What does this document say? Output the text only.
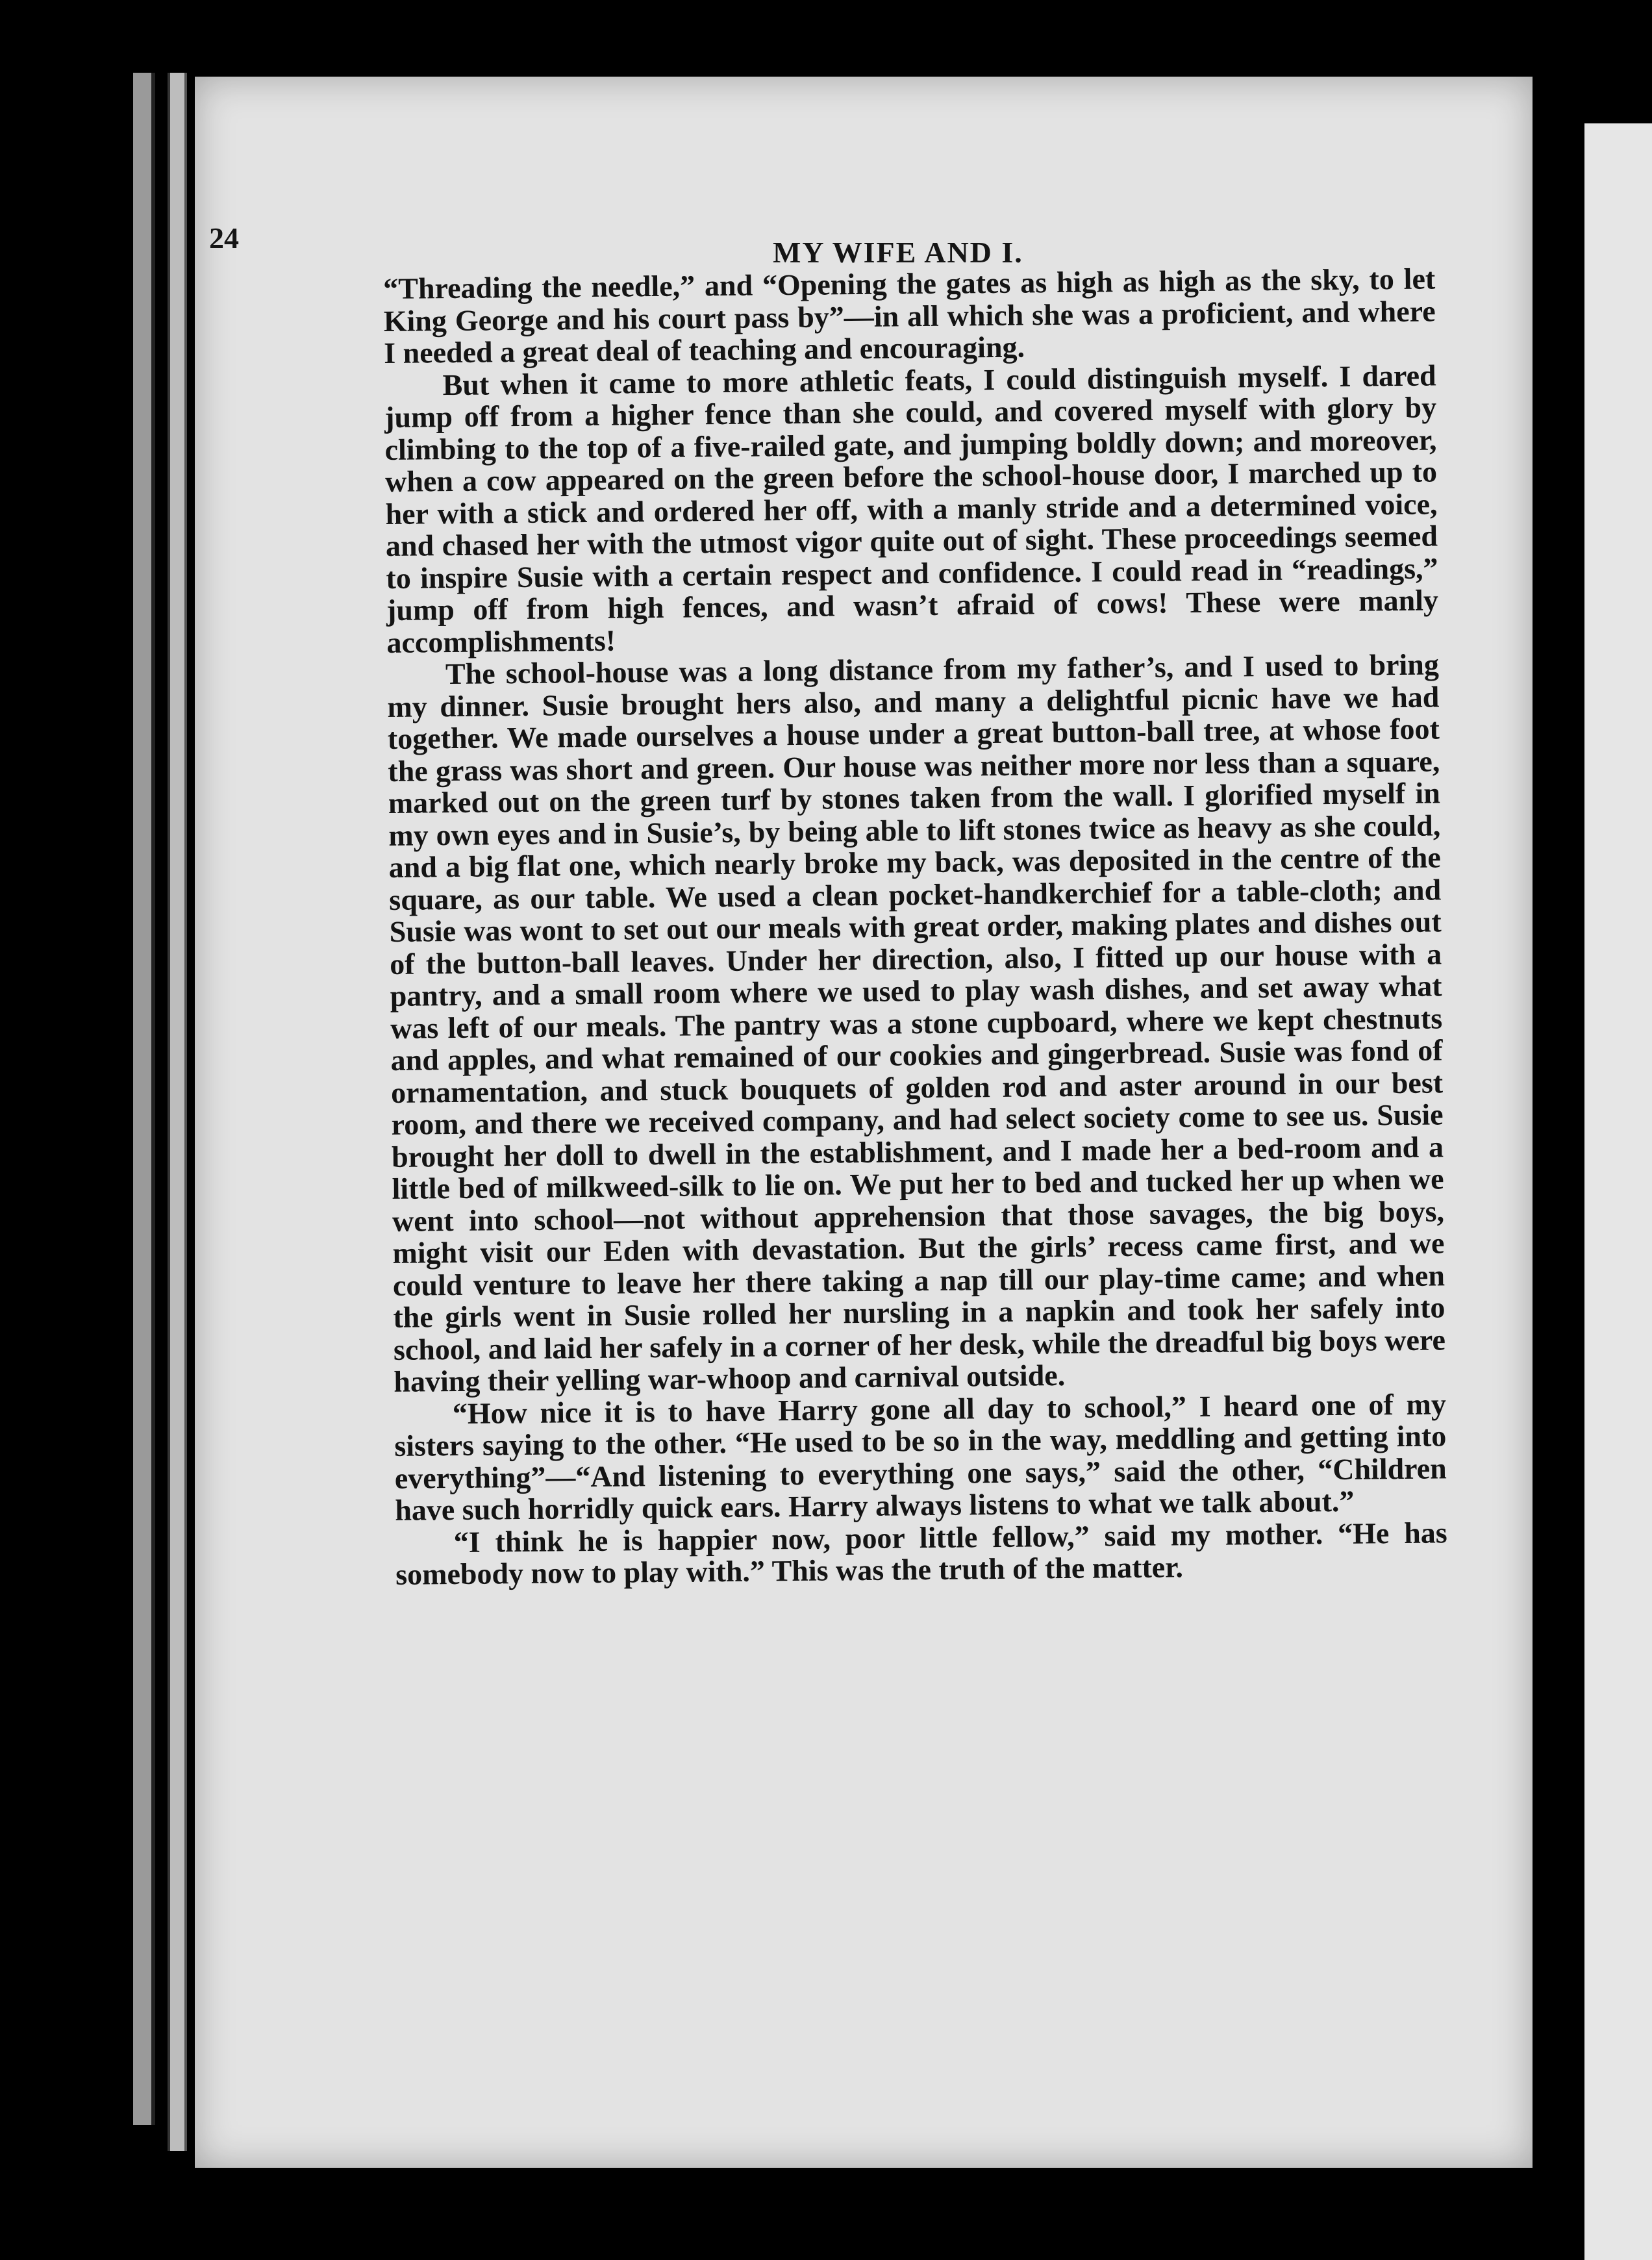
24	MY WIFE AND I.

“Threading the needle,” and “Opening the gates as high as high as the sky, to let King George and his court pass by”—in all which she was a proficient, and where I needed a great deal of teaching and encouraging.

But when it came to more athletic feats, I could distinguish myself. I dared jump off from a higher fence than she could, and covered myself with glory by climbing to the top of a five-railed gate, and jumping boldly down; and moreover, when a cow appeared on the green before the school-house door, I marched up to her with a stick and ordered her off, with a manly stride and a determined voice, and chased her with the utmost vigor quite out of sight. These proceedings seemed to inspire Susie with a certain respect and confidence. I could read in “readings,” jump off from high fences, and wasn’t afraid of cows! These were manly accomplishments!

The school-house was a long distance from my father’s, and I used to bring my dinner. Susie brought hers also, and many a delightful picnic have we had together. We made ourselves a house under a great button-ball tree, at whose foot the grass was short and green. Our house was neither more nor less than a square, marked out on the green turf by stones taken from the wall. I glorified myself in my own eyes and in Susie’s, by being able to lift stones twice as heavy as she could, and a big flat one, which nearly broke my back, was deposited in the centre of the square, as our table. We used a clean pocket-handkerchief for a table-cloth; and Susie was wont to set out our meals with great order, making plates and dishes out of the button-ball leaves. Under her direction, also, I fitted up our house with a pantry, and a small room where we used to play wash dishes, and set away what was left of our meals. The pantry was a stone cupboard, where we kept chestnuts and apples, and what remained of our cookies and gingerbread. Susie was fond of ornamentation, and stuck bouquets of golden rod and aster around in our best room, and there we received company, and had select society come to see us. Susie brought her doll to dwell in the establishment, and I made her a bed-room and a little bed of milkweed-silk to lie on. We put her to bed and tucked her up when we went into school—not without apprehension that those savages, the big boys, might visit our Eden with devastation. But the girls’ recess came first, and we could venture to leave her there taking a nap till our play-time came; and when the girls went in Susie rolled her nursling in a napkin and took her safely into school, and laid her safely in a corner of her desk, while the dreadful big boys were having their yelling war-whoop and carnival outside.

“How nice it is to have Harry gone all day to school,” I heard one of my sisters saying to the other. “He used to be so in the way, meddling and getting into everything”—“And listening to everything one says,” said the other, “Children have such horridly quick ears. Harry always listens to what we talk about.”

“I think he is happier now, poor little fellow,” said my mother. “He has somebody now to play with.” This was the truth of the matter.
